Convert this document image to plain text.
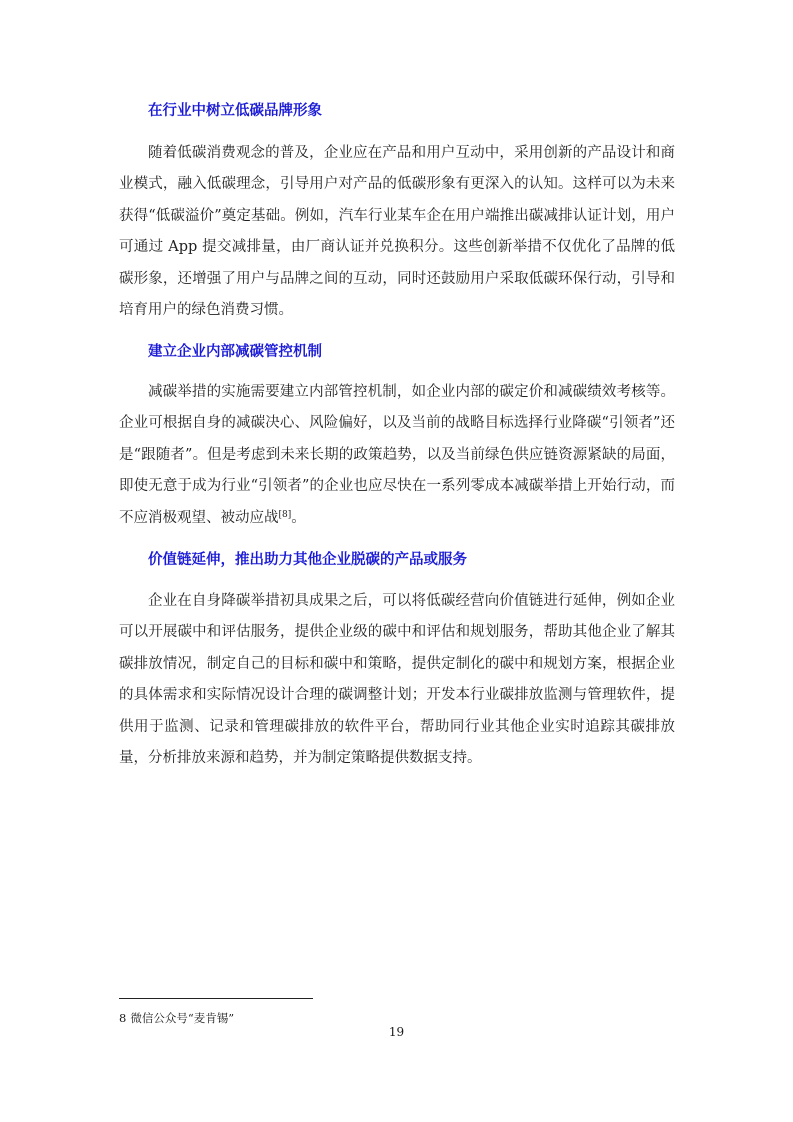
在行业中树立低碳品牌形象
随着低碳消费观念的普及，企业应在产品和用户互动中，采用创新的产品设计和商业模式，融入低碳理念，引导用户对产品的低碳形象有更深入的认知。这样可以为未来获得“低碳溢价”奠定基础。例如，汽车行业某车企在用户端推出碳减排认证计划，用户可通过 App 提交减排量，由厂商认证并兑换积分。这些创新举措不仅优化了品牌的低碳形象，还增强了用户与品牌之间的互动，同时还鼓励用户采取低碳环保行动，引导和培育用户的绿色消费习惯。
建立企业内部减碳管控机制
减碳举措的实施需要建立内部管控机制，如企业内部的碳定价和减碳绩效考核等。企业可根据自身的减碳决心、风险偏好，以及当前的战略目标选择行业降碳“引领者”还是“跟随者”。但是考虑到未来长期的政策趋势，以及当前绿色供应链资源紧缺的局面，即使无意于成为行业“引领者”的企业也应尽快在一系列零成本减碳举措上开始行动，而不应消极观望、被动应战[8]。
价值链延伸，推出助力其他企业脱碳的产品或服务
企业在自身降碳举措初具成果之后，可以将低碳经营向价值链进行延伸，例如企业可以开展碳中和评估服务，提供企业级的碳中和评估和规划服务，帮助其他企业了解其碳排放情况，制定自己的目标和碳中和策略，提供定制化的碳中和规划方案，根据企业的具体需求和实际情况设计合理的碳调整计划；开发本行业碳排放监测与管理软件，提供用于监测、记录和管理碳排放的软件平台，帮助同行业其他企业实时追踪其碳排放量，分析排放来源和趋势，并为制定策略提供数据支持。
8 微信公众号“麦肯锡”
19
